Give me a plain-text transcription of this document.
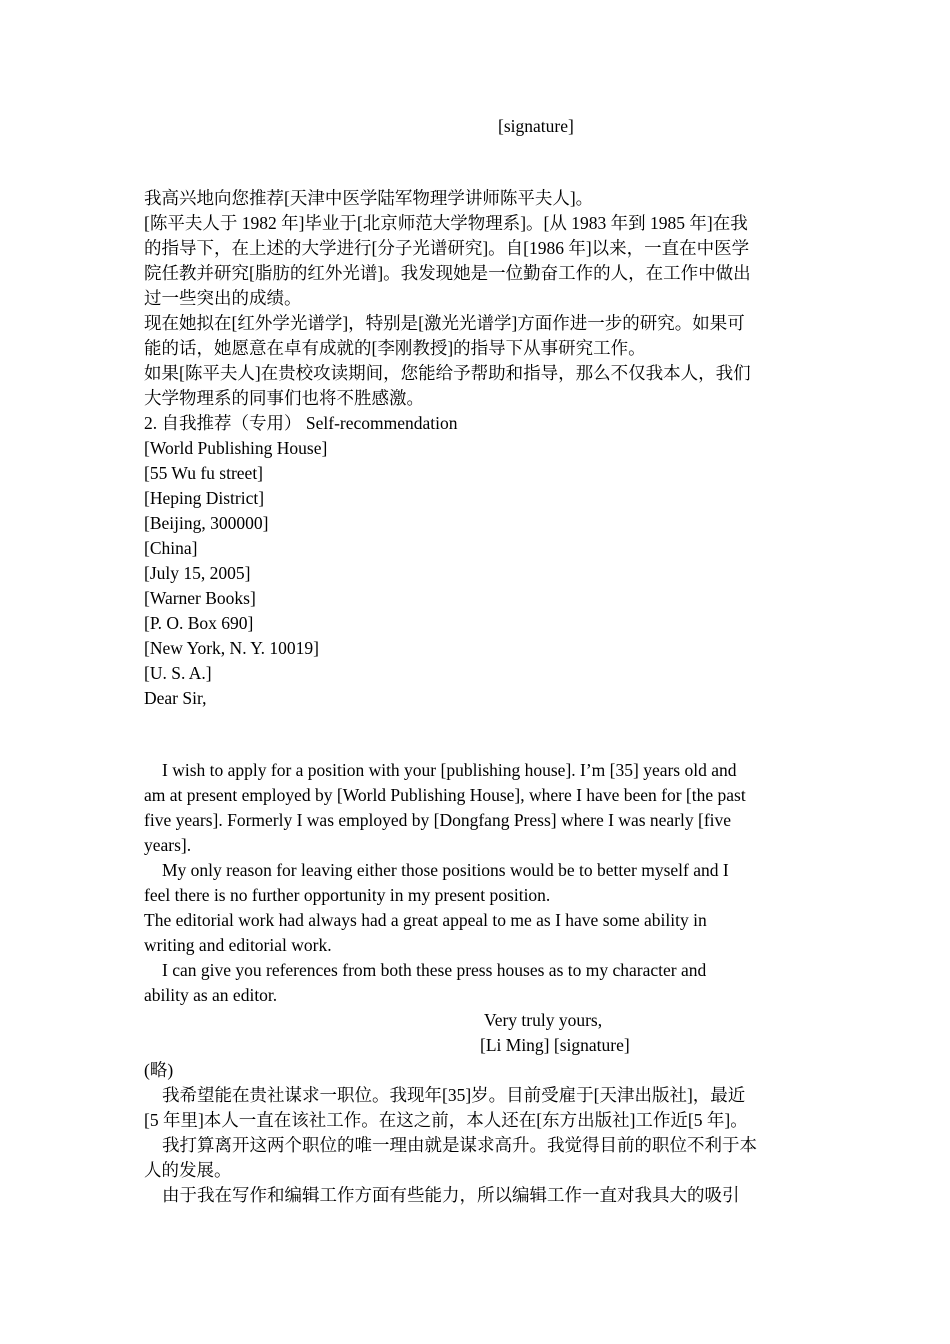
[signature]
我高兴地向您推荐[天津中医学陆军物理学讲师陈平夫人]。
[陈平夫人于 1982 年]毕业于[北京师范大学物理系]。[从 1983 年到 1985 年]在我
的指导下，在上述的大学进行[分子光谱研究]。自[1986 年]以来，一直在中医学
院任教并研究[脂肪的红外光谱]。我发现她是一位勤奋工作的人，在工作中做出
过一些突出的成绩。
现在她拟在[红外学光谱学]，特别是[激光光谱学]方面作进一步的研究。如果可
能的话，她愿意在卓有成就的[李刚教授]的指导下从事研究工作。
如果[陈平夫人]在贵校攻读期间，您能给予帮助和指导，那么不仅我本人，我们
大学物理系的同事们也将不胜感激。
2. 自我推荐（专用） Self-recommendation
[World Publishing House]
[55 Wu fu street]
[Heping District]
[Beijing, 300000]
[China]
[July 15, 2005]
[Warner Books]
[P. O. Box 690]
[New York, N. Y. 10019]
[U. S. A.]
Dear Sir,
I wish to apply for a position with your [publishing house]. I’m [35] years old and
am at present employed by [World Publishing House], where I have been for [the past
five years]. Formerly I was employed by [Dongfang Press] where I was nearly [five
years].
My only reason for leaving either those positions would be to better myself and I
feel there is no further opportunity in my present position.
The editorial work had always had a great appeal to me as I have some ability in
writing and editorial work.
I can give you references from both these press houses as to my character and
ability as an editor.
Very truly yours,
[Li Ming] [signature]
(略)
我希望能在贵社谋求一职位。我现年[35]岁。目前受雇于[天津出版社]，最近
[5 年里]本人一直在该社工作。在这之前，本人还在[东方出版社]工作近[5 年]。
我打算离开这两个职位的唯一理由就是谋求高升。我觉得目前的职位不利于本
人的发展。
由于我在写作和编辑工作方面有些能力，所以编辑工作一直对我具大的吸引
